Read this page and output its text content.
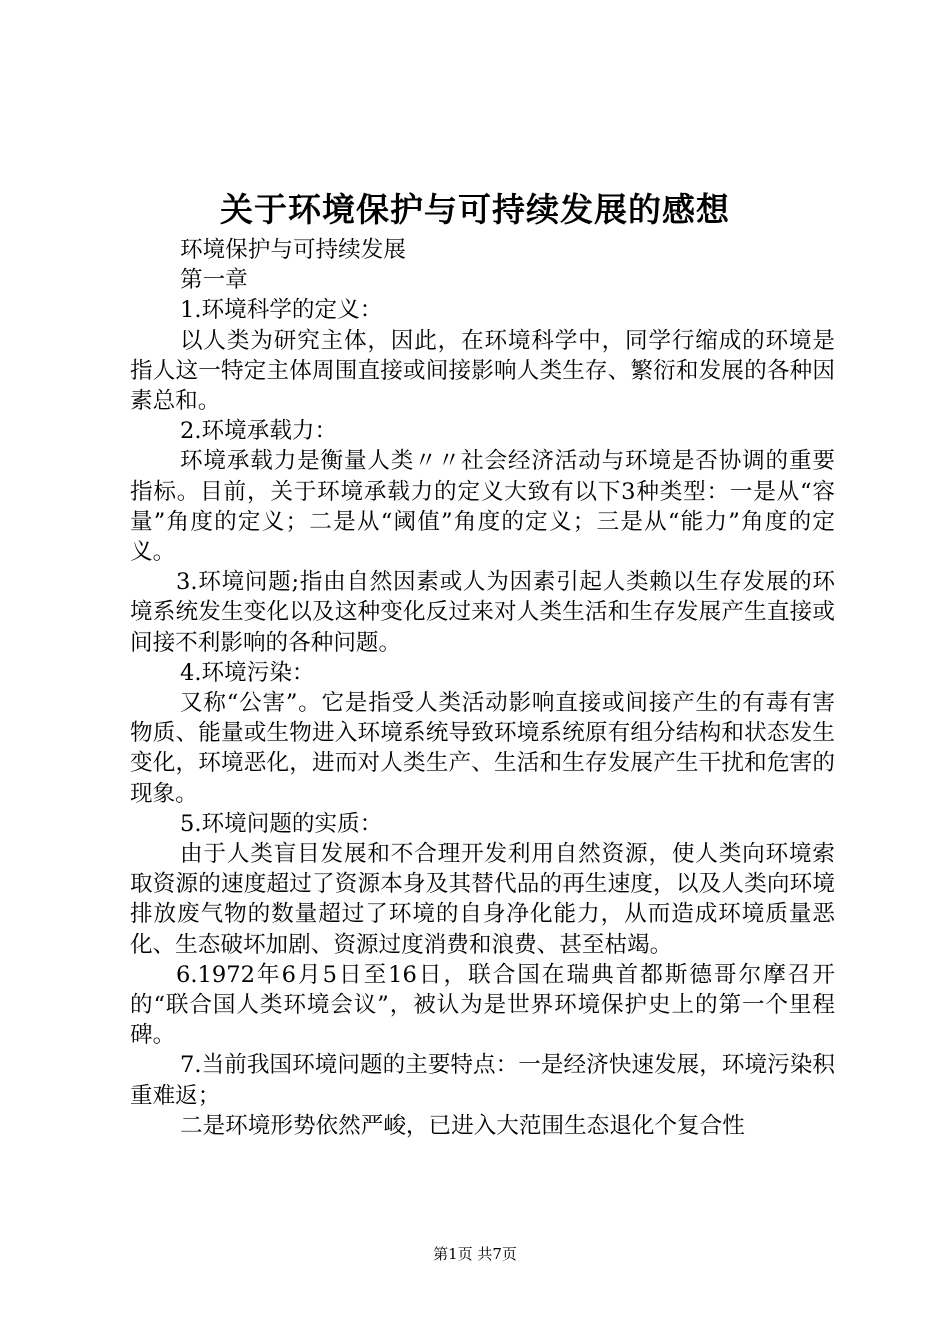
关于环境保护与可持续发展的感想

环境保护与可持续发展

第一章

1.环境科学的定义：

以人类为研究主体，因此，在环境科学中，同学行缩成的环境是指人这一特定主体周围直接或间接影响人类生存、繁衍和发展的各种因素总和。

2.环境承载力：

环境承载力是衡量人类〃〃社会经济活动与环境是否协调的重要指标。目前，关于环境承载力的定义大致有以下3种类型：一是从“容量”角度的定义；二是从“阈值”角度的定义；三是从“能力”角度的定义。

3.环境问题;指由自然因素或人为因素引起人类赖以生存发展的环境系统发生变化以及这种变化反过来对人类生活和生存发展产生直接或间接不利影响的各种问题。

4.环境污染：

又称“公害”。它是指受人类活动影响直接或间接产生的有毒有害物质、能量或生物进入环境系统导致环境系统原有组分结构和状态发生变化，环境恶化，进而对人类生产、生活和生存发展产生干扰和危害的现象。

5.环境问题的实质：

由于人类盲目发展和不合理开发利用自然资源，使人类向环境索取资源的速度超过了资源本身及其替代品的再生速度，以及人类向环境排放废气物的数量超过了环境的自身净化能力，从而造成环境质量恶化、生态破坏加剧、资源过度消费和浪费、甚至枯竭。

6.1972年6月5日至16日，联合国在瑞典首都斯德哥尔摩召开的“联合国人类环境会议”，被认为是世界环境保护史上的第一个里程碑。

7.当前我国环境问题的主要特点：一是经济快速发展，环境污染积重难返；

二是环境形势依然严峻，已进入大范围生态退化个复合性

第1页 共7页
